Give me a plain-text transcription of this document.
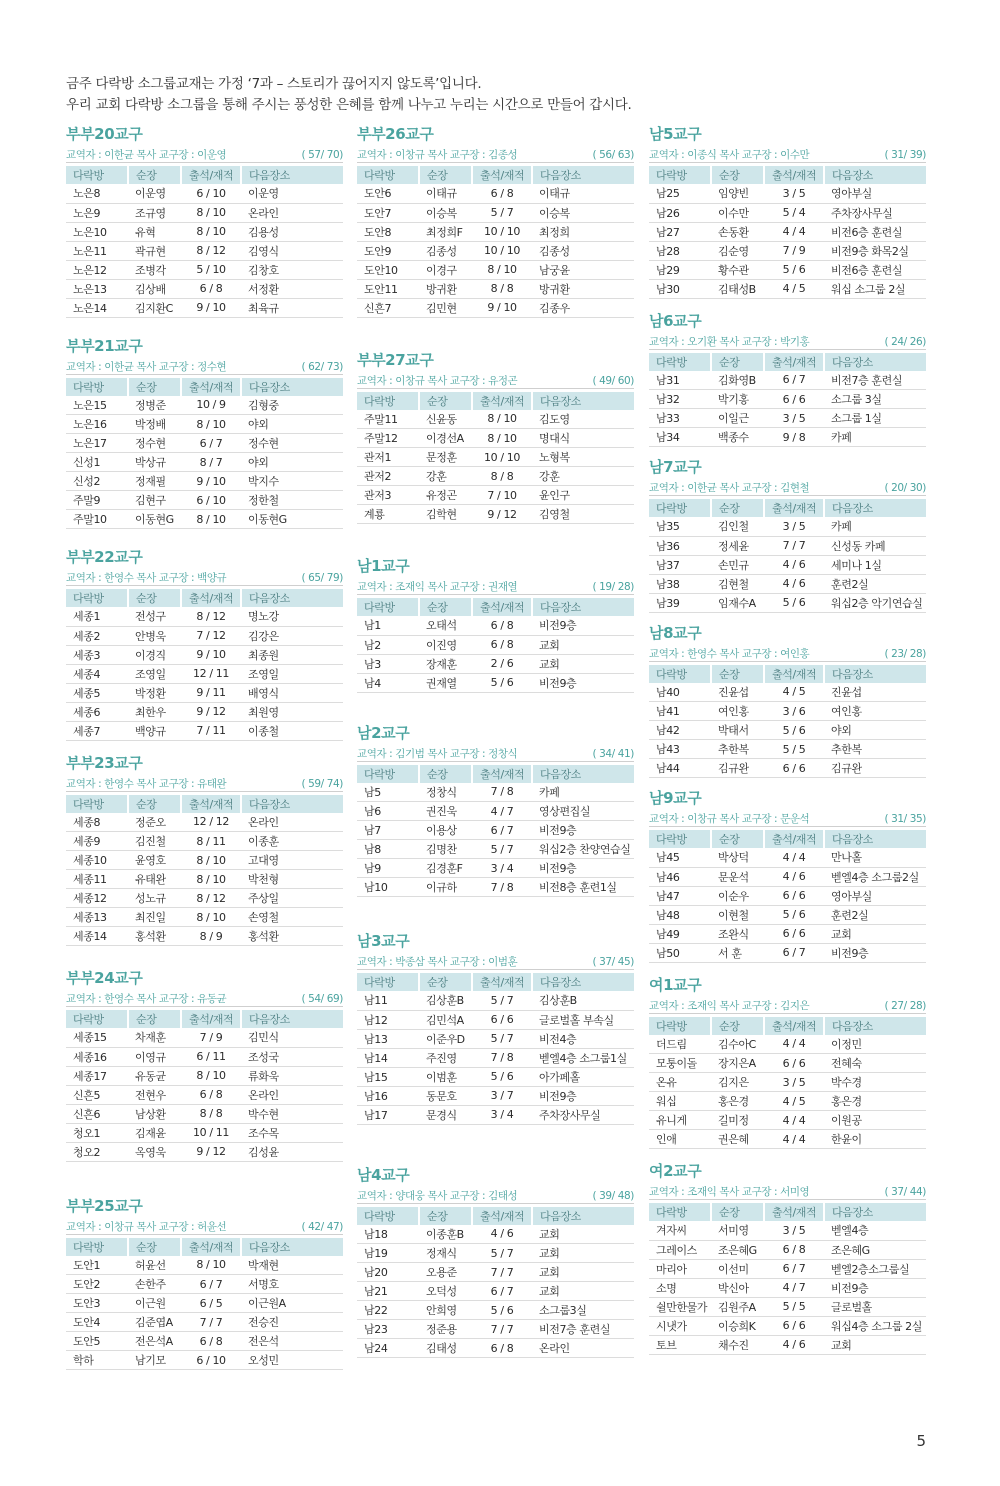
금주 다락방 소그룹교재는 가정 ‘7과 – 스토리가 끊어지지 않도록’입니다.
우리 교회 다락방 소그룹을 통해 주시는 풍성한 은혜를 함께 나누고 누리는 시간으로 만들어 갑시다.
부부20교구
교역자 : 이한균 목사 교구장 : 이운영	( 57/ 70)
다락방	순장	출석/재적	다음장소
노은8	이운영	6 / 10	이운영
노은9	조규영	8 / 10	온라인
노은10	유혁	8 / 10	김용성
노은11	곽규현	8 / 12	김영식
노은12	조병각	5 / 10	김창호
노은13	김상배	6 / 8	서정환
노은14	김지환C	9 / 10	최육규
부부21교구
교역자 : 이한균 목사 교구장 : 정수현	( 62/ 73)
다락방	순장	출석/재적	다음장소
노은15	정병준	10 / 9	김형중
노은16	박정배	8 / 10	야외
노은17	정수현	6 / 7	정수현
신성1	박상규	8 / 7	야외
신성2	정재필	9 / 10	박지수
주말9	김현구	6 / 10	정한철
주말10	이동현G	8 / 10	이동현G
부부22교구
교역자 : 한영수 목사 교구장 : 백양규	( 65/ 79)
다락방	순장	출석/재적	다음장소
세종1	전성구	8 / 12	명노강
세종2	안병욱	7 / 12	김강은
세종3	이경직	9 / 10	최종원
세종4	조영일	12 / 11	조영일
세종5	박정환	9 / 11	배영식
세종6	최한우	9 / 12	최원영
세종7	백양규	7 / 11	이종철
부부23교구
교역자 : 한영수 목사 교구장 : 유태완	( 59/ 74)
다락방	순장	출석/재적	다음장소
세종8	정준오	12 / 12	온라인
세종9	김진철	8 / 11	이종훈
세종10	윤영호	8 / 10	고대영
세종11	유태완	8 / 10	박천형
세종12	성노규	8 / 12	주상일
세종13	최진일	8 / 10	손영철
세종14	홍석환	8 / 9	홍석환
부부24교구
교역자 : 한영수 목사 교구장 : 유동균	( 54/ 69)
다락방	순장	출석/재적	다음장소
세종15	차재훈	7 / 9	김민식
세종16	이영규	6 / 11	조성국
세종17	유동균	8 / 10	류화욱
신흔5	전현우	6 / 8	온라인
신흔6	남상환	8 / 8	박수현
청오1	김재윤	10 / 11	조수목
청오2	옥영욱	9 / 12	김성윤
부부25교구
교역자 : 이창규 목사 교구장 : 허윤선	( 42/ 47)
다락방	순장	출석/재적	다음장소
도안1	허윤선	8 / 10	박재현
도안2	손한주	6 / 7	서명호
도안3	이근원	6 / 5	이근원A
도안4	김준엽A	7 / 7	전승진
도안5	전은석A	6 / 8	전은석
학하	남기모	6 / 10	오성민
부부26교구
교역자 : 이창규 목사 교구장 : 김종성	( 56/ 63)
다락방	순장	출석/재적	다음장소
도안6	이태규	6 / 8	이태규
도안7	이승복	5 / 7	이승복
도안8	최정희F	10 / 10	최정희
도안9	김종성	10 / 10	김종성
도안10	이경구	8 / 10	남궁윤
도안11	방귀환	8 / 8	방귀환
신흔7	김민현	9 / 10	김종우
부부27교구
교역자 : 이창규 목사 교구장 : 유정곤	( 49/ 60)
다락방	순장	출석/재적	다음장소
주말11	신윤동	8 / 10	김도영
주말12	이경선A	8 / 10	명대식
관저1	문정훈	10 / 10	노형복
관저2	강훈	8 / 8	강훈
관저3	유정곤	7 / 10	윤인구
계룡	김학현	9 / 12	김영철
남1교구
교역자 : 조재익 목사 교구장 : 권재열	( 19/ 28)
다락방	순장	출석/재적	다음장소
남1	오태석	6 / 8	비전9층
남2	이진영	6 / 8	교회
남3	장재훈	2 / 6	교회
남4	권재열	5 / 6	비전9층
남2교구
교역자 : 김기범 목사 교구장 : 정창식	( 34/ 41)
다락방	순장	출석/재적	다음장소
남5	정창식	7 / 8	카페
남6	권진욱	4 / 7	영상편집실
남7	이용상	6 / 7	비전9층
남8	김명찬	5 / 7	워십2층 찬양연습실
남9	김경훈F	3 / 4	비전9층
남10	이규하	7 / 8	비전8층 훈련1실
남3교구
교역자 : 박종삼 목사 교구장 : 이범훈	( 37/ 45)
다락방	순장	출석/재적	다음장소
남11	김상훈B	5 / 7	김상훈B
남12	김민석A	6 / 6	글로벌홀 부속실
남13	이준우D	5 / 7	비전4층
남14	주진영	7 / 8	벧엘4층 소그룹1실
남15	이범훈	5 / 6	아가페홀
남16	동문호	3 / 7	비전9층
남17	문경식	3 / 4	주차장사무실
남4교구
교역자 : 양대웅 목사 교구장 : 김태성	( 39/ 48)
다락방	순장	출석/재적	다음장소
남18	이종훈B	4 / 6	교회
남19	정재식	5 / 7	교회
남20	오용준	7 / 7	교회
남21	오덕성	6 / 7	교회
남22	안희영	5 / 6	소그룹3실
남23	정준용	7 / 7	비전7층 훈련실
남24	김태성	6 / 8	온라인
남5교구
교역자 : 이종식 목사 교구장 : 이수만	( 31/ 39)
다락방	순장	출석/재적	다음장소
남25	임양빈	3 / 5	영아부실
남26	이수만	5 / 4	주차장사무실
남27	손동환	4 / 4	비전6층 훈련실
남28	김순영	7 / 9	비전9층 화목2실
남29	황수관	5 / 6	비전6층 훈련실
남30	김태성B	4 / 5	워십 소그룹 2실
남6교구
교역자 : 오기환 목사 교구장 : 박기홍	( 24/ 26)
다락방	순장	출석/재적	다음장소
남31	김화영B	6 / 7	비전7층 훈련실
남32	박기홍	6 / 6	소그룹 3실
남33	이일근	3 / 5	소그룹 1실
남34	백종수	9 / 8	카페
남7교구
교역자 : 이한균 목사 교구장 : 김현철	( 20/ 30)
다락방	순장	출석/재적	다음장소
남35	김인철	3 / 5	카페
남36	정세윤	7 / 7	신성동 카페
남37	손민규	4 / 6	세미나 1실
남38	김현철	4 / 6	훈련2실
남39	임재수A	5 / 6	워십2층 악기연습실
남8교구
교역자 : 한영수 목사 교구장 : 여인홍	( 23/ 28)
다락방	순장	출석/재적	다음장소
남40	진윤섭	4 / 5	진윤섭
남41	여인홍	3 / 6	여인홍
남42	박태서	5 / 6	야외
남43	추한복	5 / 5	추한복
남44	김규완	6 / 6	김규완
남9교구
교역자 : 이창규 목사 교구장 : 문운석	( 31/ 35)
다락방	순장	출석/재적	다음장소
남45	박상덕	4 / 4	만나홀
남46	문운석	4 / 6	벧엘4층 소그룹2실
남47	이순우	6 / 6	영아부실
남48	이현철	5 / 6	훈련2실
남49	조완식	6 / 6	교회
남50	서 훈	6 / 7	비전9층
여1교구
교역자 : 조재익 목사 교구장 : 김지은	( 27/ 28)
다락방	순장	출석/재적	다음장소
더드림	김수아C	4 / 4	이정민
모퉁이돌	장지은A	6 / 6	전혜숙
온유	김지은	3 / 5	박수경
워십	홍은경	4 / 5	홍은경
유니게	길미정	4 / 4	이원공
인애	권은혜	4 / 4	한윤이
여2교구
교역자 : 조재익 목사 교구장 : 서미영	( 37/ 44)
다락방	순장	출석/재적	다음장소
겨자씨	서미영	3 / 5	벧엘4층
그레이스	조은혜G	6 / 8	조은혜G
마리아	이선미	6 / 7	벧엘2층소그룹실
소명	박신아	4 / 7	비전9층
쉴만한물가	김원주A	5 / 5	글로벌홀
시냇가	이승희K	6 / 6	워십4층 소그룹 2실
토브	채수진	4 / 6	교회
5
